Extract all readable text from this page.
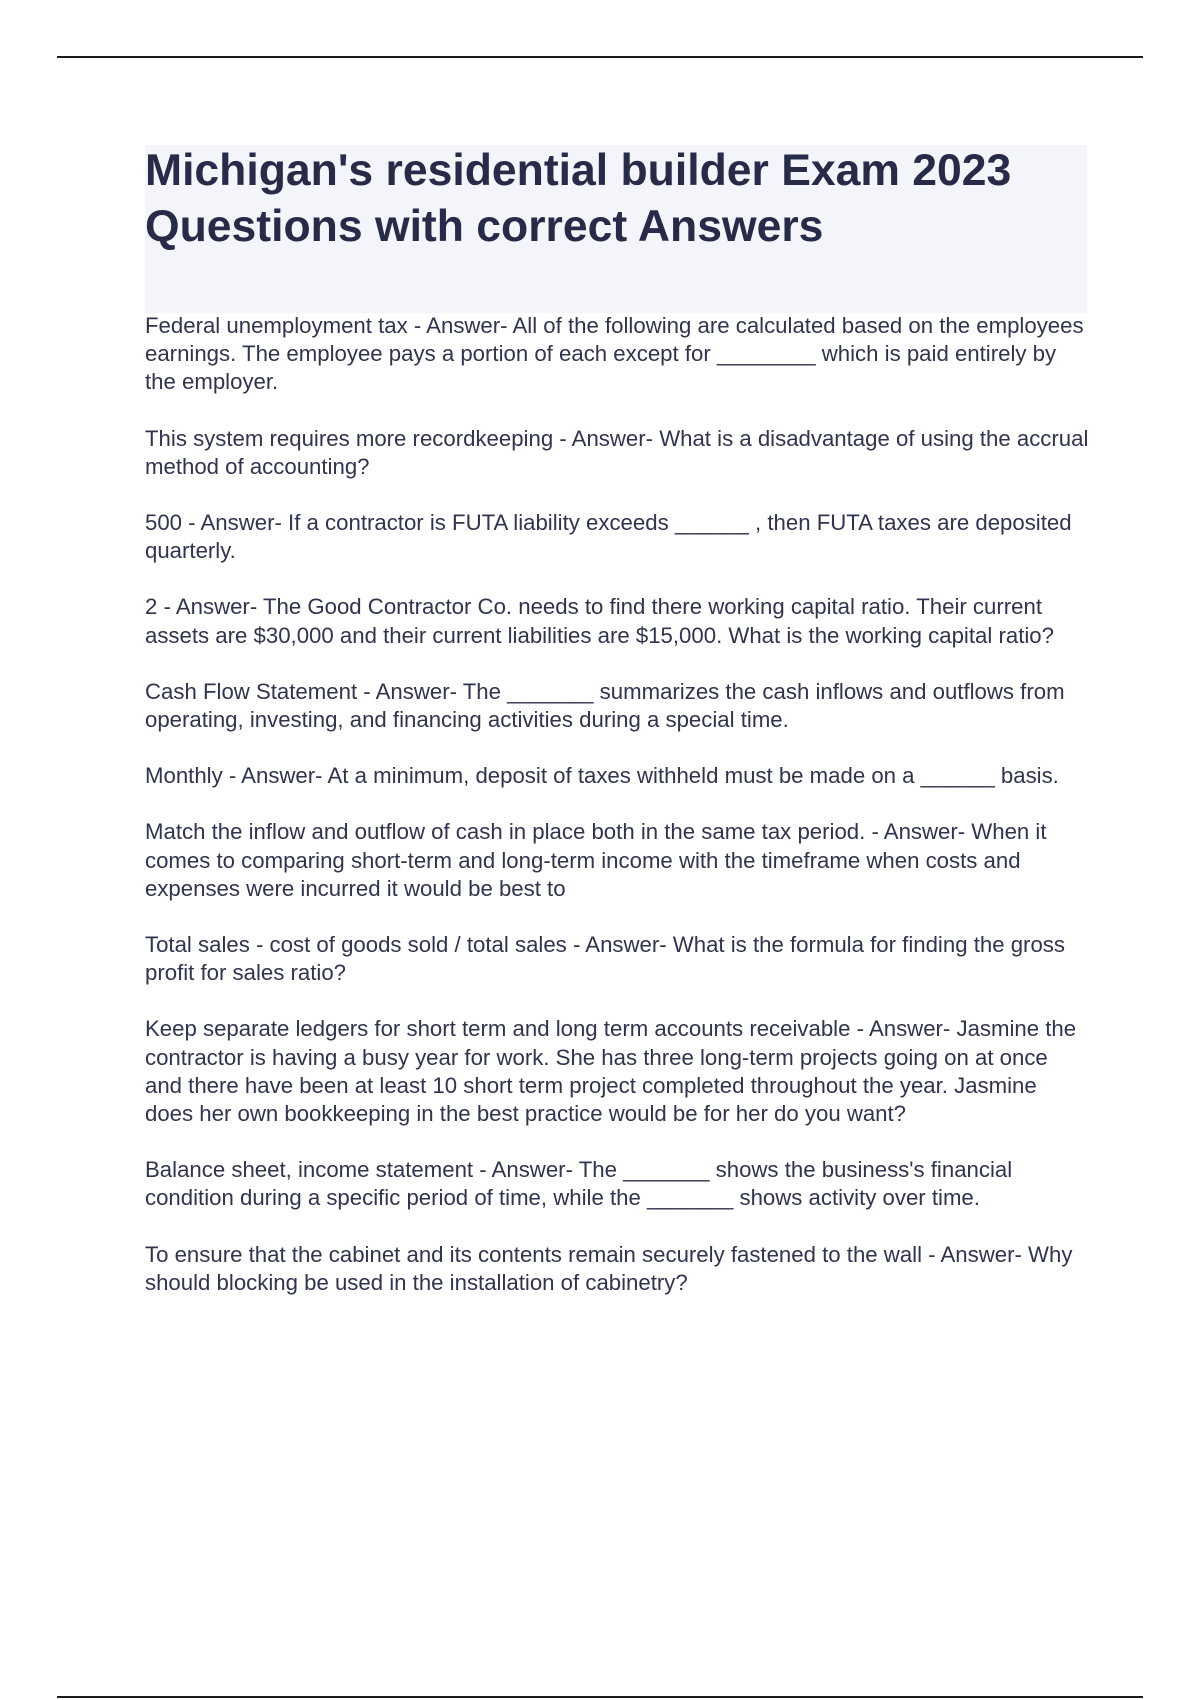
Michigan's residential builder Exam 2023
Questions with correct Answers

Federal unemployment tax - Answer- All of the following are calculated based on the employees earnings. The employee pays a portion of each except for ________ which is paid entirely by the employer.

This system requires more recordkeeping - Answer- What is a disadvantage of using the accrual method of accounting?

500 - Answer- If a contractor is FUTA liability exceeds ______ , then FUTA taxes are deposited quarterly.

2 - Answer- The Good Contractor Co. needs to find there working capital ratio. Their current assets are $30,000 and their current liabilities are $15,000. What is the working capital ratio?

Cash Flow Statement - Answer- The _______ summarizes the cash inflows and outflows from operating, investing, and financing activities during a special time.

Monthly - Answer- At a minimum, deposit of taxes withheld must be made on a ______ basis.

Match the inflow and outflow of cash in place both in the same tax period. - Answer- When it comes to comparing short-term and long-term income with the timeframe when costs and expenses were incurred it would be best to

Total sales - cost of goods sold / total sales - Answer- What is the formula for finding the gross profit for sales ratio?

Keep separate ledgers for short term and long term accounts receivable - Answer- Jasmine the contractor is having a busy year for work. She has three long-term projects going on at once and there have been at least 10 short term project completed throughout the year. Jasmine does her own bookkeeping in the best practice would be for her do you want?

Balance sheet, income statement - Answer- The _______ shows the business's financial condition during a specific period of time, while the _______ shows activity over time.

To ensure that the cabinet and its contents remain securely fastened to the wall - Answer- Why should blocking be used in the installation of cabinetry?
